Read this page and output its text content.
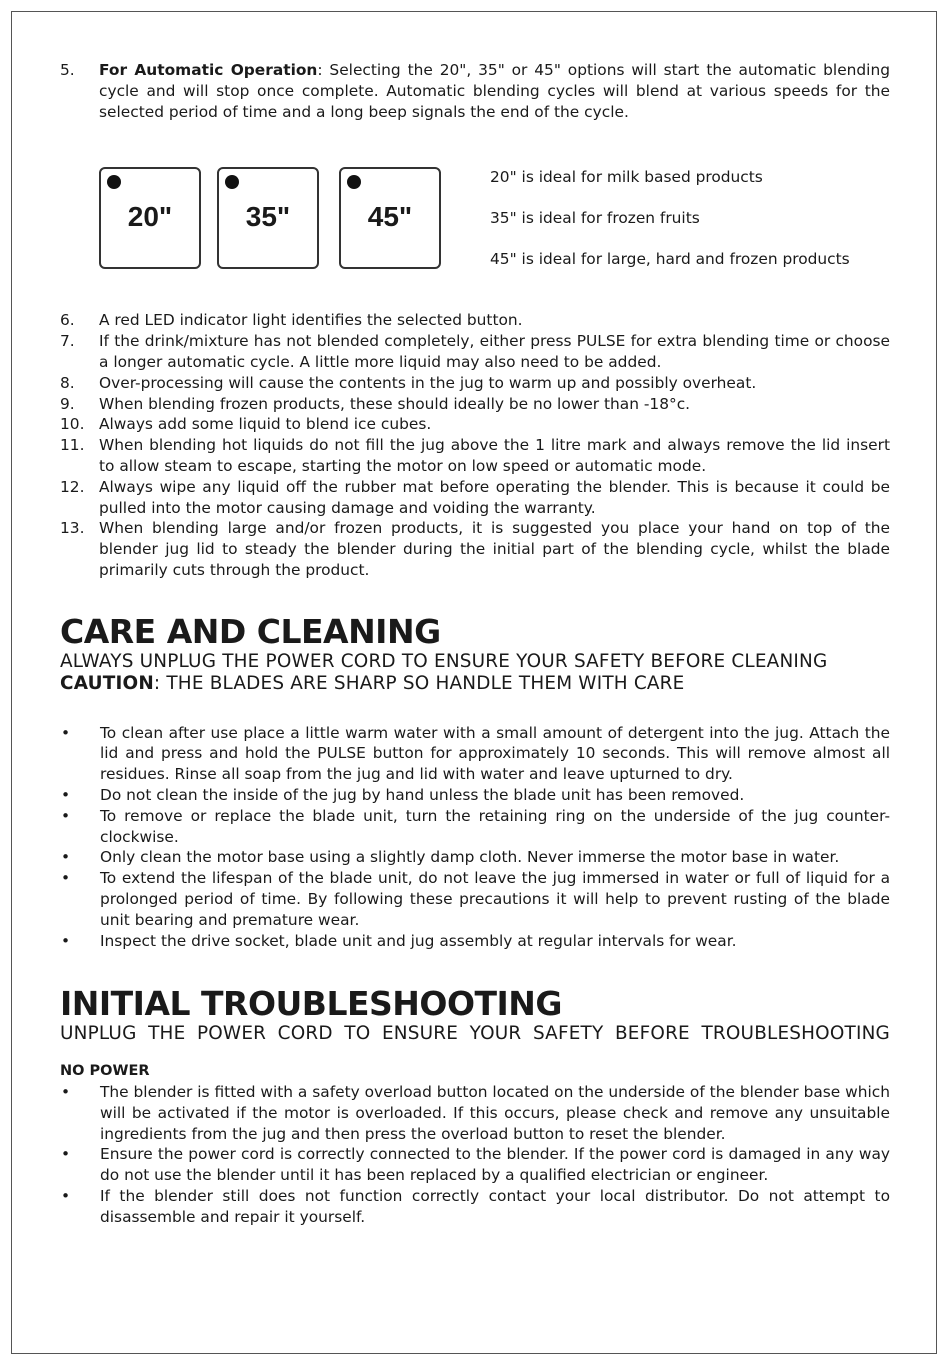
5.	For Automatic Operation: Selecting the 20", 35" or 45" options will start the automatic blending cycle and will stop once complete. Automatic blending cycles will blend at various speeds for the selected period of time and a long beep signals the end of the cycle.
20"	35"	45"
20" is ideal for milk based products
35" is ideal for frozen fruits
45" is ideal for large, hard and frozen products
6.	A red LED indicator light identifies the selected button.
7.	If the drink/mixture has not blended completely, either press PULSE for extra blending time or choose a longer automatic cycle. A little more liquid may also need to be added.
8.	Over-processing will cause the contents in the jug to warm up and possibly overheat.
9.	When blending frozen products, these should ideally be no lower than -18°c.
10. Always add some liquid to blend ice cubes.
11. When blending hot liquids do not fill the jug above the 1 litre mark and always remove the lid insert to allow steam to escape, starting the motor on low speed or automatic mode.
12. Always wipe any liquid off the rubber mat before operating the blender. This is because it could be pulled into the motor causing damage and voiding the warranty.
13. When blending large and/or frozen products, it is suggested you place your hand on top of the blender jug lid to steady the blender during the initial part of the blending cycle, whilst the blade primarily cuts through the product.
CARE AND CLEANING
ALWAYS UNPLUG THE POWER CORD TO ENSURE YOUR SAFETY BEFORE CLEANING
CAUTION: THE BLADES ARE SHARP SO HANDLE THEM WITH CARE
•	To clean after use place a little warm water with a small amount of detergent into the jug. Attach the lid and press and hold the PULSE button for approximately 10 seconds. This will remove almost all residues. Rinse all soap from the jug and lid with water and leave upturned to dry.
•	Do not clean the inside of the jug by hand unless the blade unit has been removed.
•	To remove or replace the blade unit, turn the retaining ring on the underside of the jug counter-clockwise.
•	Only clean the motor base using a slightly damp cloth. Never immerse the motor base in water.
•	To extend the lifespan of the blade unit, do not leave the jug immersed in water or full of liquid for a prolonged period of time. By following these precautions it will help to prevent rusting of the blade unit bearing and premature wear.
•	Inspect the drive socket, blade unit and jug assembly at regular intervals for wear.
INITIAL TROUBLESHOOTING
UNPLUG THE POWER CORD TO ENSURE YOUR SAFETY BEFORE TROUBLESHOOTING
NO POWER
•	The blender is fitted with a safety overload button located on the underside of the blender base which will be activated if the motor is overloaded. If this occurs, please check and remove any unsuitable ingredients from the jug and then press the overload button to reset the blender.
•	Ensure the power cord is correctly connected to the blender. If the power cord is damaged in any way do not use the blender until it has been replaced by a qualified electrician or engineer.
•	If the blender still does not function correctly contact your local distributor. Do not attempt to disassemble and repair it yourself.
